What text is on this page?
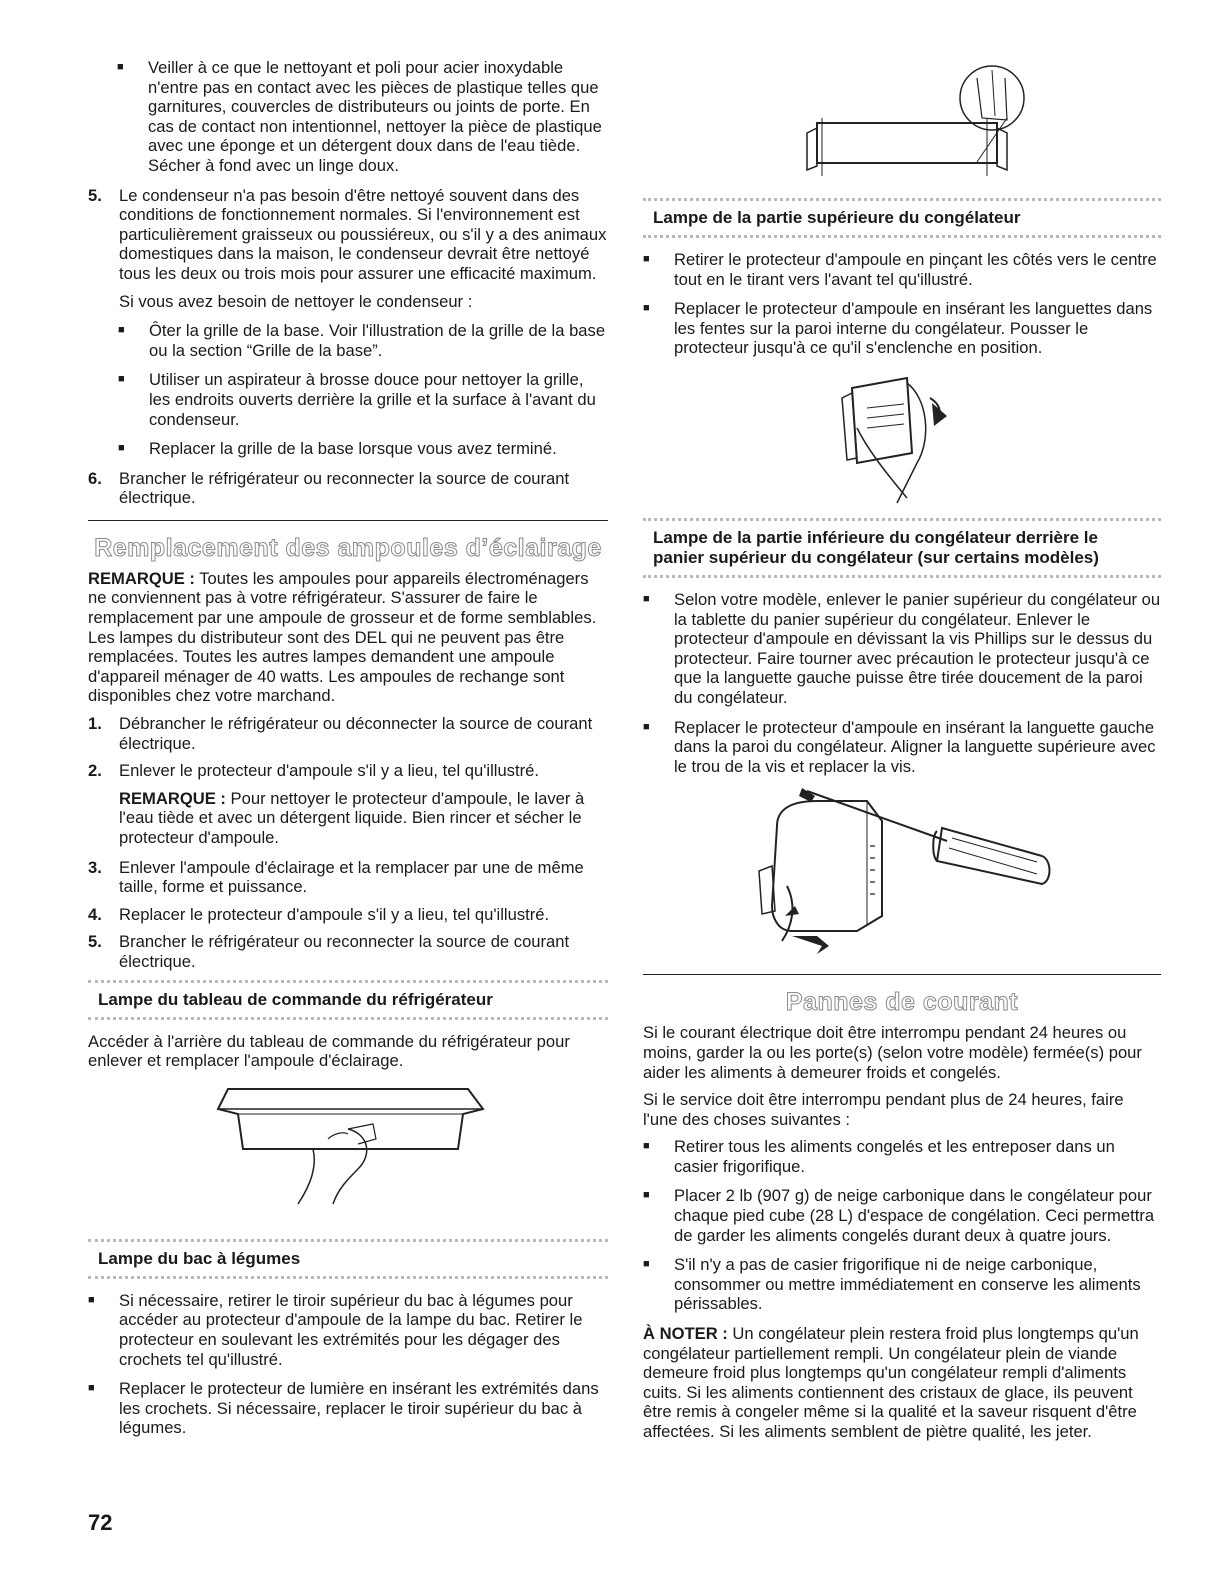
■ Veiller à ce que le nettoyant et poli pour acier inoxydable n'entre pas en contact avec les pièces de plastique telles que garnitures, couvercles de distributeurs ou joints de porte. En cas de contact non intentionnel, nettoyer la pièce de plastique avec une éponge et un détergent doux dans de l'eau tiède. Sécher à fond avec un linge doux.
5. Le condenseur n'a pas besoin d'être nettoyé souvent dans des conditions de fonctionnement normales. Si l'environnement est particulièrement graisseux ou poussiéreux, ou s'il y a des animaux domestiques dans la maison, le condenseur devrait être nettoyé tous les deux ou trois mois pour assurer une efficacité maximum.

Si vous avez besoin de nettoyer le condenseur :

■ Ôter la grille de la base. Voir l'illustration de la grille de la base ou la section “Grille de la base”.
■ Utiliser un aspirateur à brosse douce pour nettoyer la grille, les endroits ouverts derrière la grille et la surface à l'avant du condenseur.
■ Replacer la grille de la base lorsque vous avez terminé.
6. Brancher le réfrigérateur ou reconnecter la source de courant électrique.
Remplacement des ampoules d’éclairage

REMARQUE : Toutes les ampoules pour appareils électroménagers ne conviennent pas à votre réfrigérateur. S'assurer de faire le remplacement par une ampoule de grosseur et de forme semblables. Les lampes du distributeur sont des DEL qui ne peuvent pas être remplacées. Toutes les autres lampes demandent une ampoule d'appareil ménager de 40 watts. Les ampoules de rechange sont disponibles chez votre marchand.

1. Débrancher le réfrigérateur ou déconnecter la source de courant électrique.
2. Enlever le protecteur d'ampoule s'il y a lieu, tel qu'illustré.

REMARQUE : Pour nettoyer le protecteur d'ampoule, le laver à l'eau tiède et avec un détergent liquide. Bien rincer et sécher le protecteur d'ampoule.

3. Enlever l'ampoule d'éclairage et la remplacer par une de même taille, forme et puissance.
4. Replacer le protecteur d'ampoule s'il y a lieu, tel qu'illustré.
5. Brancher le réfrigérateur ou reconnecter la source de courant électrique.
Lampe du tableau de commande du réfrigérateur

Accéder à l'arrière du tableau de commande du réfrigérateur pour enlever et remplacer l'ampoule d'éclairage.

Lampe du bac à légumes
■ Si nécessaire, retirer le tiroir supérieur du bac à légumes pour accéder au protecteur d'ampoule de la lampe du bac. Retirer le protecteur en soulevant les extrémités pour les dégager des crochets tel qu'illustré.
■ Replacer le protecteur de lumière en insérant les extrémités dans les crochets. Si nécessaire, replacer le tiroir supérieur du bac à légumes.
Lampe de la partie supérieure du congélateur
■ Retirer le protecteur d'ampoule en pinçant les côtés vers le centre tout en le tirant vers l'avant tel qu'illustré.
■ Replacer le protecteur d'ampoule en insérant les languettes dans les fentes sur la paroi interne du congélateur. Pousser le protecteur jusqu'à ce qu'il s'enclenche en position.
Lampe de la partie inférieure du congélateur derrière le panier supérieur du congélateur (sur certains modèles)
■ Selon votre modèle, enlever le panier supérieur du congélateur ou la tablette du panier supérieur du congélateur. Enlever le protecteur d'ampoule en dévissant la vis Phillips sur le dessus du protecteur. Faire tourner avec précaution le protecteur jusqu'à ce que la languette gauche puisse être tirée doucement de la paroi du congélateur.
■ Replacer le protecteur d'ampoule en insérant la languette gauche dans la paroi du congélateur. Aligner la languette supérieure avec le trou de la vis et replacer la vis.
Pannes de courant

Si le courant électrique doit être interrompu pendant 24 heures ou moins, garder la ou les porte(s) (selon votre modèle) fermée(s) pour aider les aliments à demeurer froids et congelés.

Si le service doit être interrompu pendant plus de 24 heures, faire l'une des choses suivantes :

■ Retirer tous les aliments congelés et les entreposer dans un casier frigorifique.
■ Placer 2 lb (907 g) de neige carbonique dans le congélateur pour chaque pied cube (28 L) d'espace de congélation. Ceci permettra de garder les aliments congelés durant deux à quatre jours.
■ S'il n'y a pas de casier frigorifique ni de neige carbonique, consommer ou mettre immédiatement en conserve les aliments périssables.

À NOTER : Un congélateur plein restera froid plus longtemps qu'un congélateur partiellement rempli. Un congélateur plein de viande demeure froid plus longtemps qu'un congélateur rempli d'aliments cuits. Si les aliments contiennent des cristaux de glace, ils peuvent être remis à congeler même si la qualité et la saveur risquent d'être affectées. Si les aliments semblent de piètre qualité, les jeter.

72
